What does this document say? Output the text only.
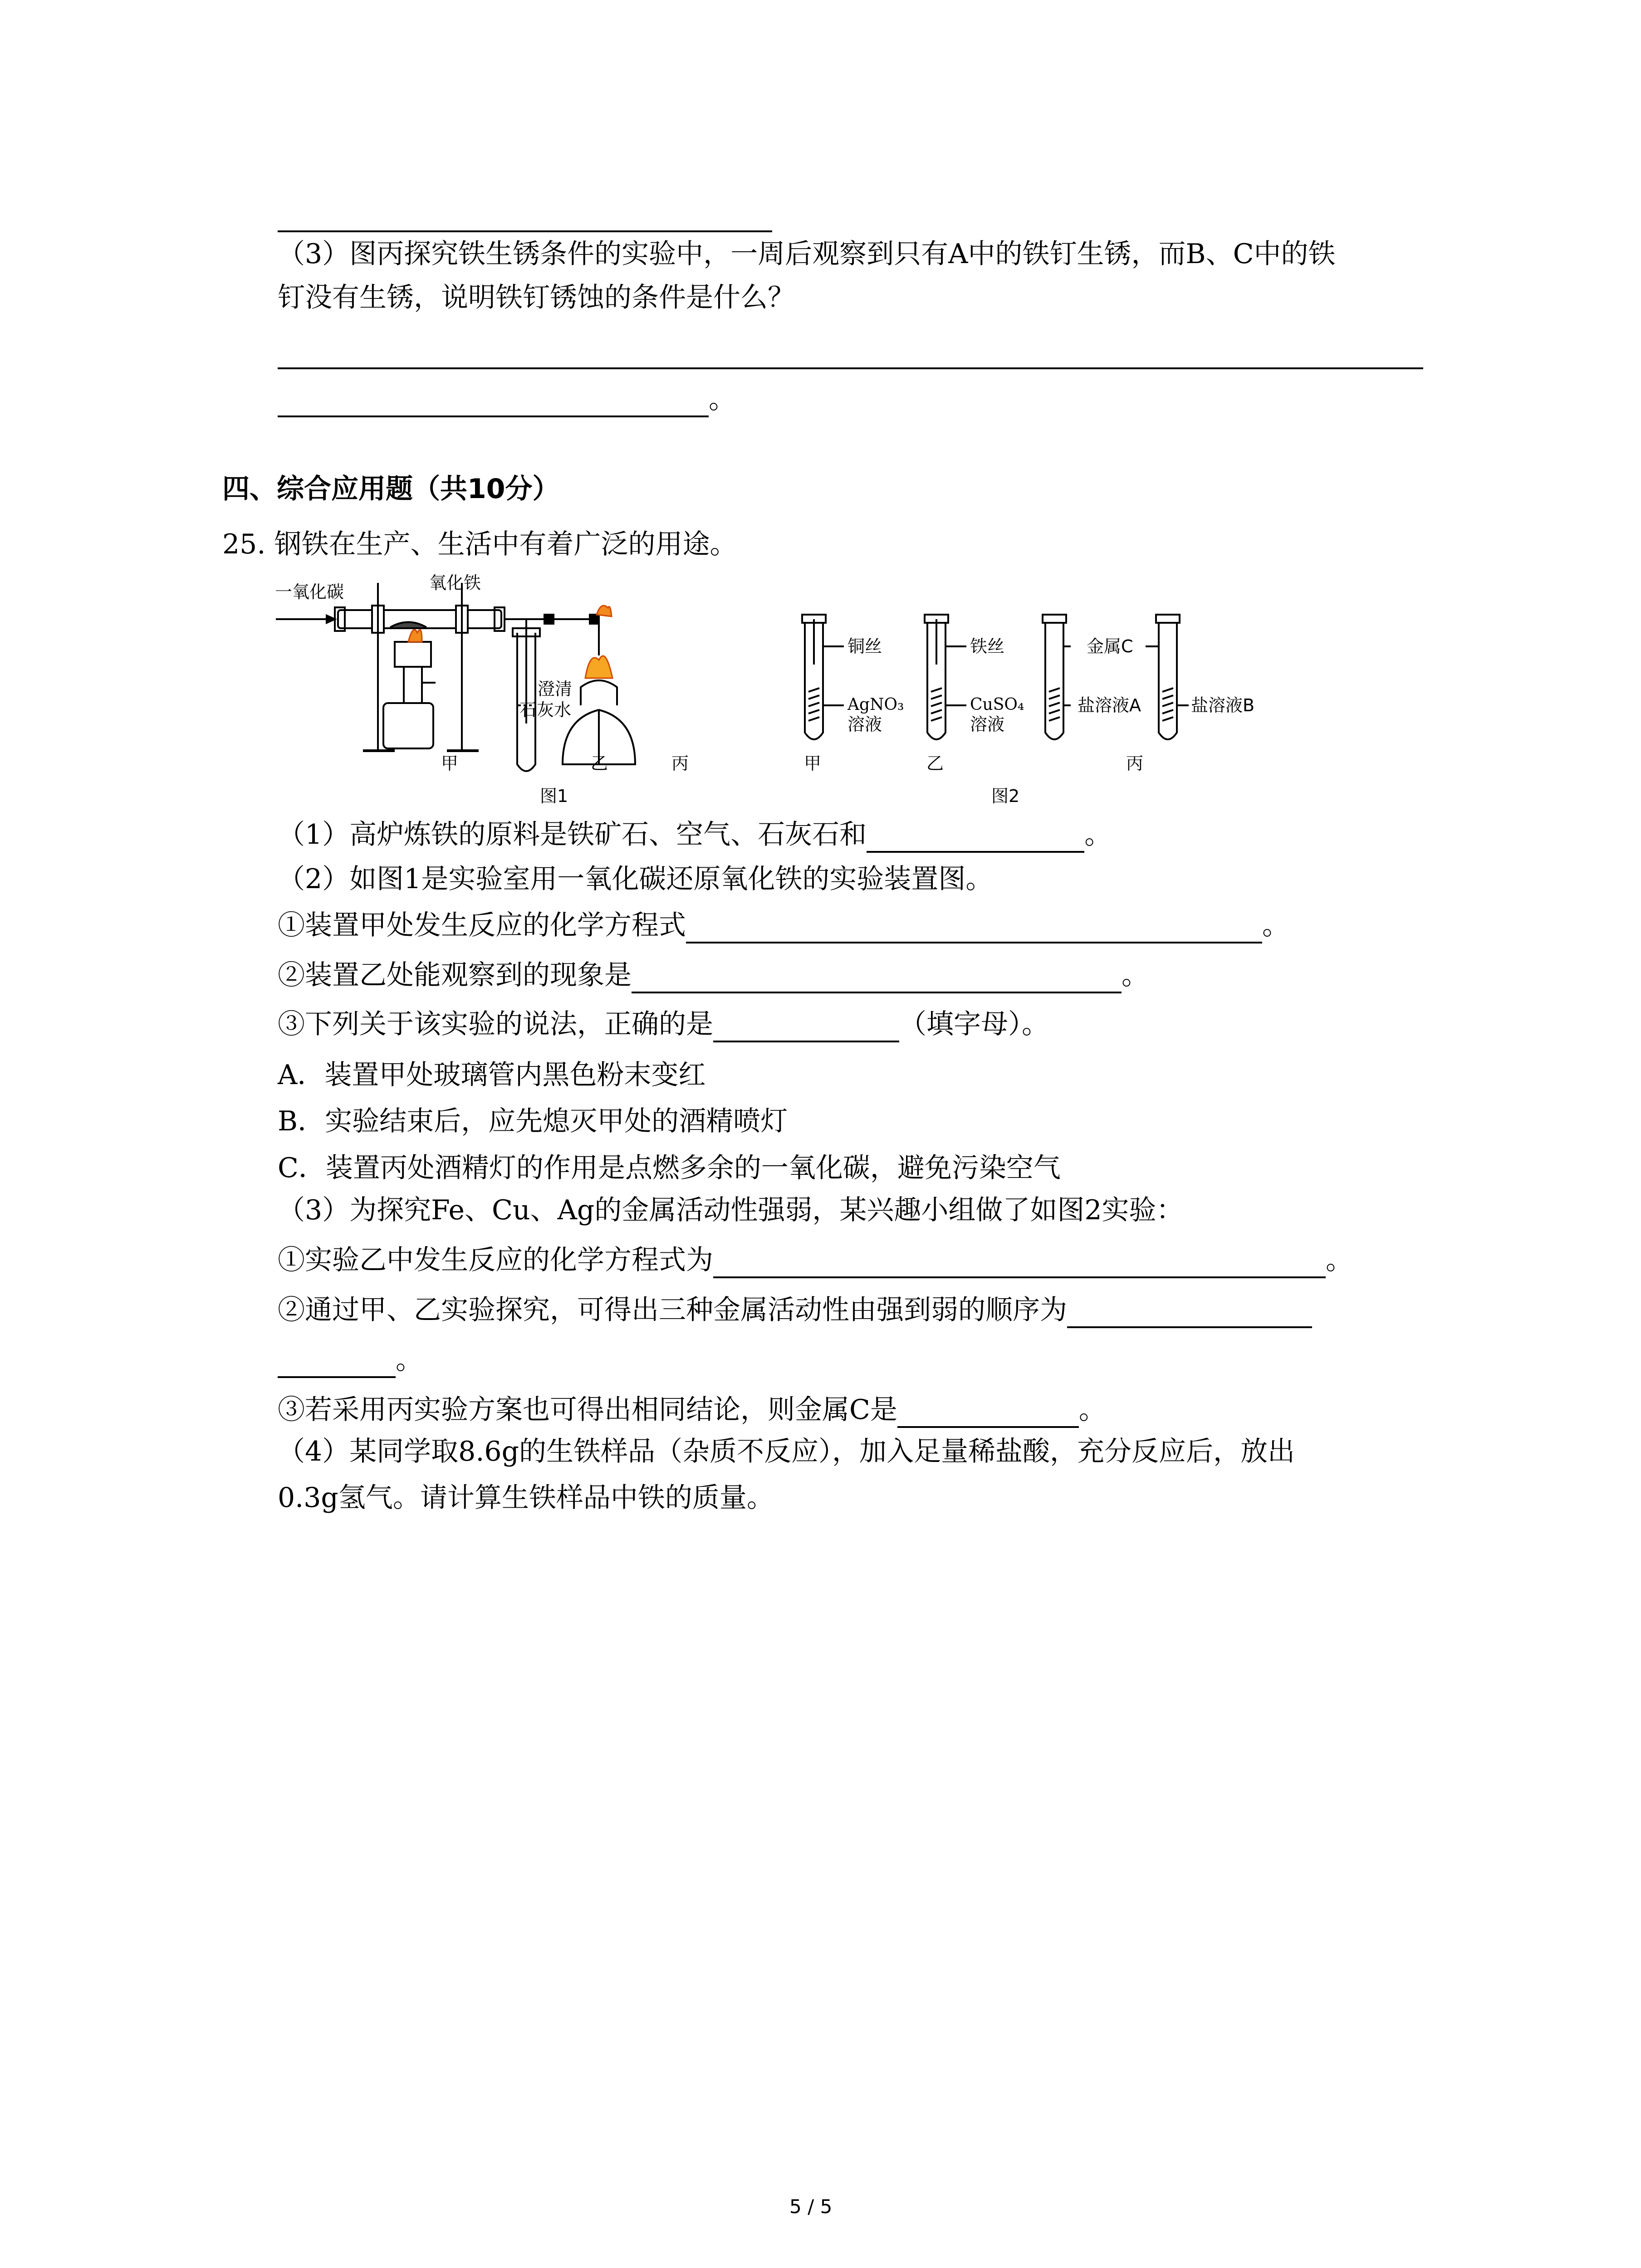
（3）图丙探究铁生锈条件的实验中，一周后观察到只有A中的铁钉生锈，而B、C中的铁
钉没有生锈，说明铁钉锈蚀的条件是什么？
。
四、综合应用题（共10分）
25. 钢铁在生产、生活中有着广泛的用途。
一氧化碳	氧化铁
澄清
石灰水
甲	乙	丙
图1
铜丝
AgNO₃
溶液
铁丝
CuSO₄
溶液
金属C
盐溶液A	盐溶液B
甲	乙	丙
图2
（1）高炉炼铁的原料是铁矿石、空气、石灰石和	。
（2）如图1是实验室用一氧化碳还原氧化铁的实验装置图。
①装置甲处发生反应的化学方程式	。
②装置乙处能观察到的现象是	。
③下列关于该实验的说法，正确的是	（填字母）。
A．装置甲处玻璃管内黑色粉末变红
B．实验结束后，应先熄灭甲处的酒精喷灯
C．装置丙处酒精灯的作用是点燃多余的一氧化碳，避免污染空气
（3）为探究Fe、Cu、Ag的金属活动性强弱，某兴趣小组做了如图2实验：
①实验乙中发生反应的化学方程式为	。
②通过甲、乙实验探究，可得出三种金属活动性由强到弱的顺序为
。
③若采用丙实验方案也可得出相同结论，则金属C是	。
（4）某同学取8.6g的生铁样品（杂质不反应），加入足量稀盐酸，充分反应后，放出
0.3g氢气。请计算生铁样品中铁的质量。
5 / 5
